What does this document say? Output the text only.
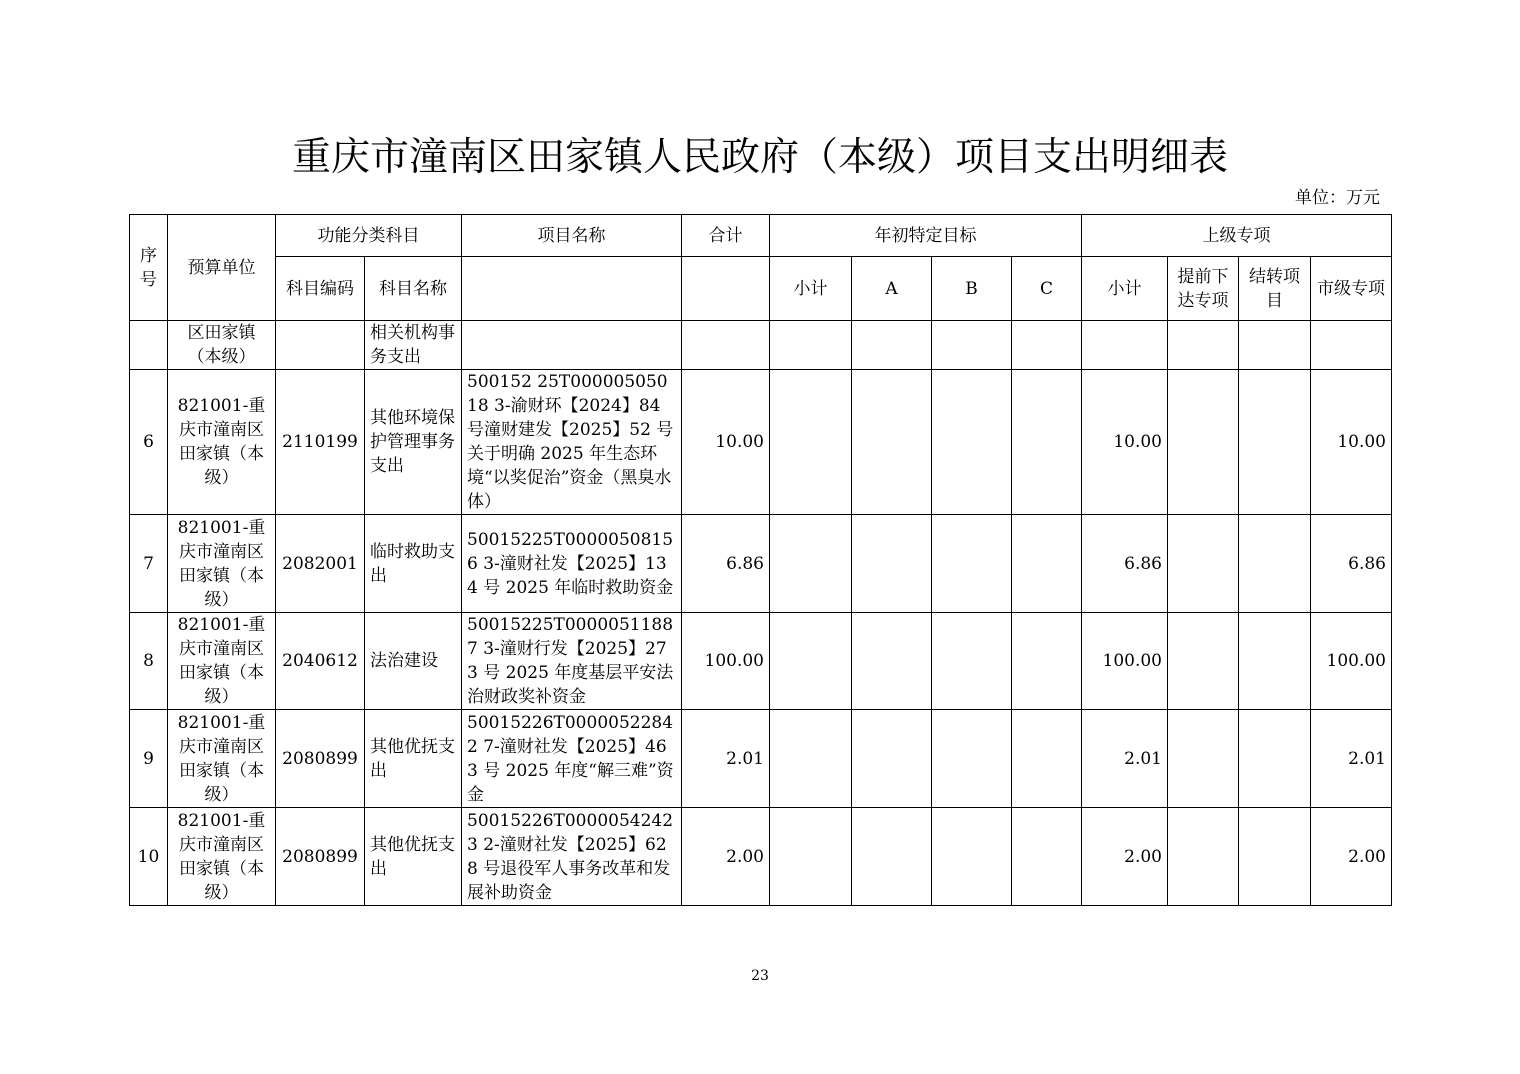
重庆市潼南区田家镇人民政府（本级）项目支出明细表
单位：万元
序号	预算单位	功能分类科目		项目名称	合计	年初特定目标				上级专项			
		科目编码	科目名称			小计	A	B	C	小计	提前下达专项	结转项目	市级专项
	区田家镇（本级）		相关机构事务支出										
6	821001-重庆市潼南区田家镇（本级）	2110199	其他环境保护管理事务支出	500152 25T00000505018 3-渝财环【2024】84 号潼财建发【2025】52 号关于明确 2025 年生态环境“以奖促治”资金（黑臭水体）	10.00					10.00			10.00
7	821001-重庆市潼南区田家镇（本级）	2082001	临时救助支出	50015225T00000508156 3-潼财社发【2025】134 号 2025 年临时救助资金	6.86					6.86			6.86
8	821001-重庆市潼南区田家镇（本级）	2040612	法治建设	50015225T00000511887 3-潼财行发【2025】273 号 2025 年度基层平安法治财政奖补资金	100.00					100.00			100.00
9	821001-重庆市潼南区田家镇（本级）	2080899	其他优抚支出	50015226T00000522842 7-潼财社发【2025】463 号 2025 年度“解三难”资金	2.01					2.01			2.01
10	821001-重庆市潼南区田家镇（本级）	2080899	其他优抚支出	50015226T00000542423 2-潼财社发【2025】628 号退役军人事务改革和发展补助资金	2.00					2.00			2.00
23
